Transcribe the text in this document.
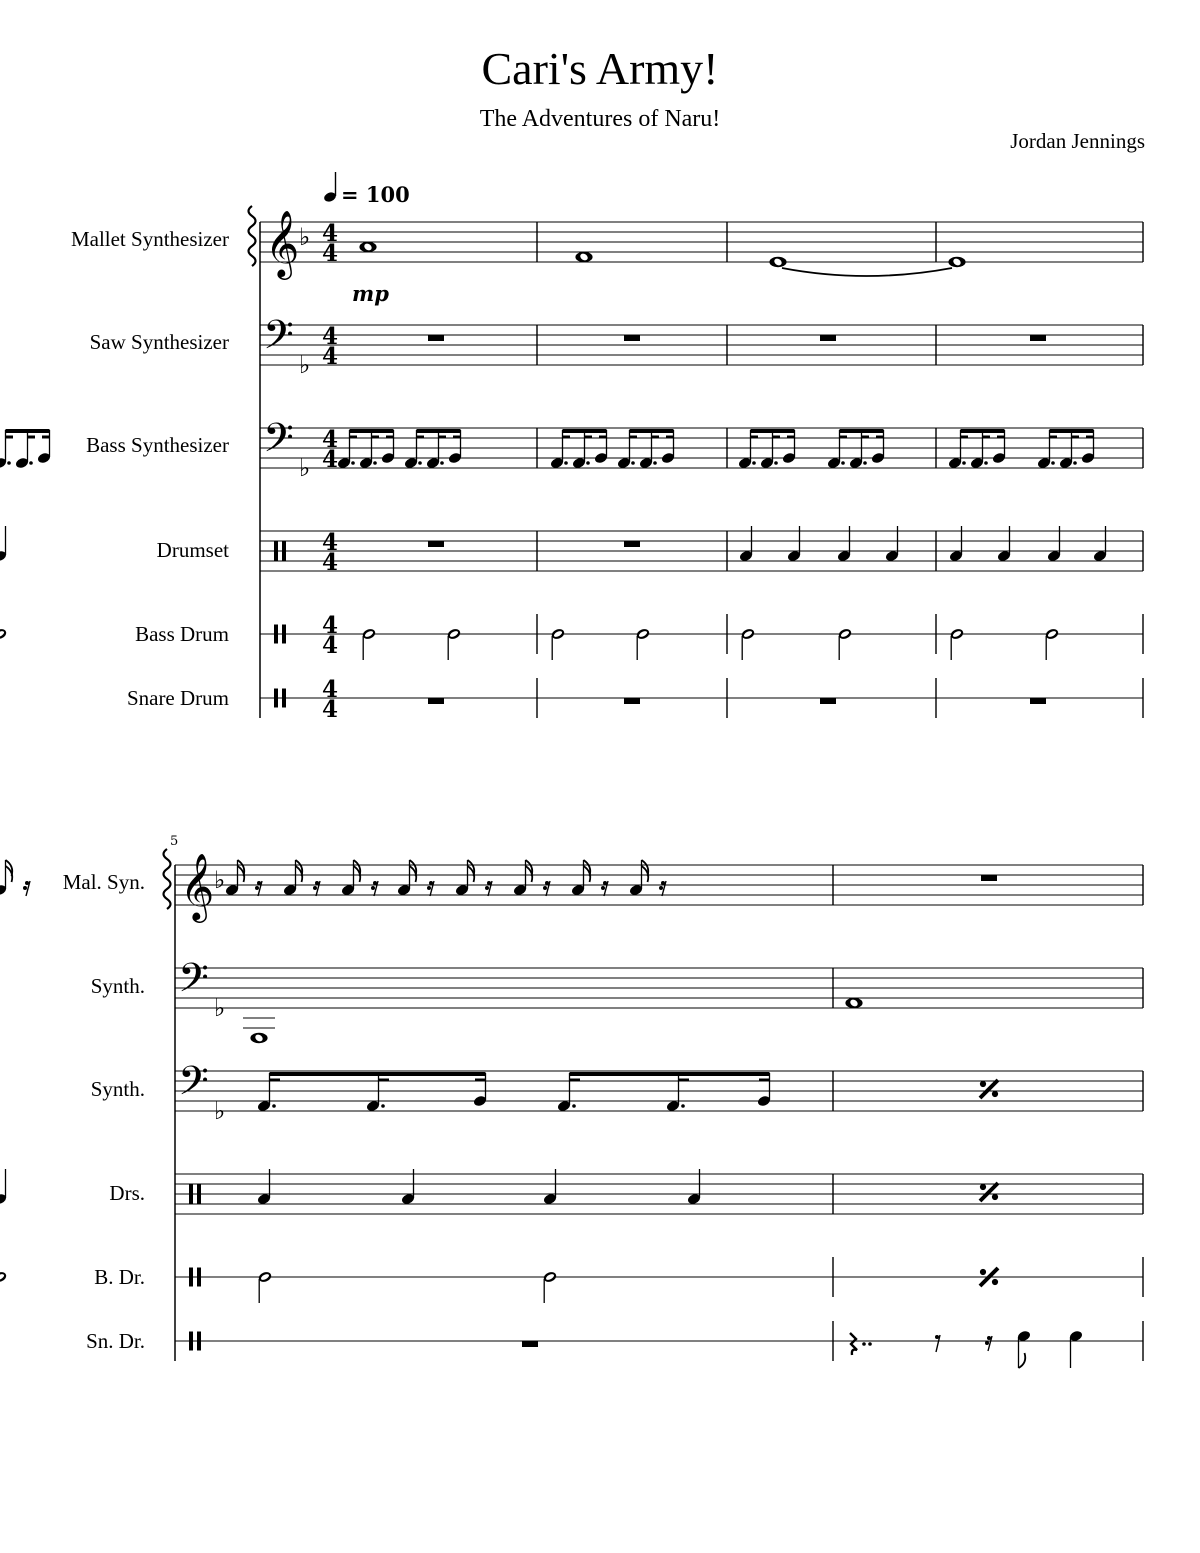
Cari's Army!
The Adventures of Naru!
Jordan Jennings
Mallet Synthesizer
Saw Synthesizer
Bass Synthesizer
Drumset
Bass Drum
Snare Drum
Mal. Syn.
Synth.
Synth.
Drs.
B. Dr.
Sn. Dr.
𝄞
𝄢
𝄢
♭
♭
♭
4
4
4
4
4
4
4
4
4
4
4
4
= 100
mp
5
𝄞
𝄢
𝄢
♭
♭
♭
